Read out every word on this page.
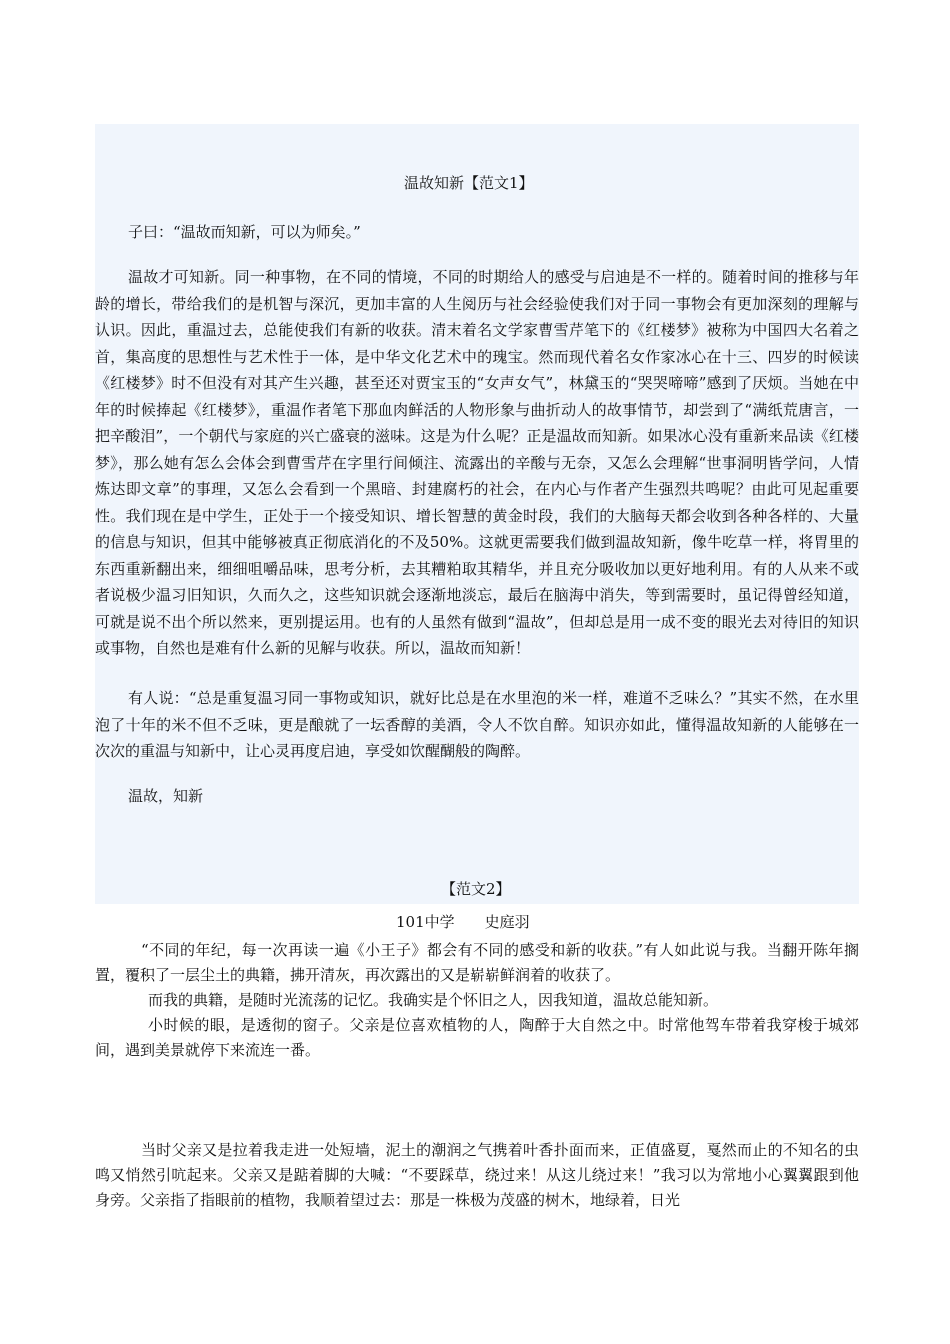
温故知新【范文1】
子曰：“温故而知新，可以为师矣。”

温故才可知新。同一种事物，在不同的情境，不同的时期给人的感受与启迪是不一样的。随着时间的推移与年龄的增长，带给我们的是机智与深沉，更加丰富的人生阅历与社会经验使我们对于同一事物会有更加深刻的理解与认识。因此，重温过去，总能使我们有新的收获。清末着名文学家曹雪芹笔下的《红楼梦》被称为中国四大名着之首，集高度的思想性与艺术性于一体，是中华文化艺术中的瑰宝。然而现代着名女作家冰心在十三、四岁的时候读《红楼梦》时不但没有对其产生兴趣，甚至还对贾宝玉的“女声女气”，林黛玉的“哭哭啼啼”感到了厌烦。当她在中年的时候捧起《红楼梦》，重温作者笔下那血肉鲜活的人物形象与曲折动人的故事情节，却尝到了“满纸荒唐言，一把辛酸泪”，一个朝代与家庭的兴亡盛衰的滋味。这是为什么呢？正是温故而知新。如果冰心没有重新来品读《红楼梦》，那么她有怎么会体会到曹雪芹在字里行间倾注、流露出的辛酸与无奈，又怎么会理解“世事洞明皆学问，人情炼达即文章”的事理，又怎么会看到一个黑暗、封建腐朽的社会，在内心与作者产生强烈共鸣呢？由此可见起重要性。我们现在是中学生，正处于一个接受知识、增长智慧的黄金时段，我们的大脑每天都会收到各种各样的、大量的信息与知识，但其中能够被真正彻底消化的不及50%。这就更需要我们做到温故知新，像牛吃草一样，将胃里的东西重新翻出来，细细咀嚼品味，思考分析，去其糟粕取其精华，并且充分吸收加以更好地利用。有的人从来不或者说极少温习旧知识，久而久之，这些知识就会逐渐地淡忘，最后在脑海中消失，等到需要时，虽记得曾经知道，可就是说不出个所以然来，更别提运用。也有的人虽然有做到“温故”，但却总是用一成不变的眼光去对待旧的知识或事物，自然也是难有什么新的见解与收获。所以，温故而知新！

有人说：“总是重复温习同一事物或知识，就好比总是在水里泡的米一样，难道不乏味么？”其实不然，在水里泡了十年的米不但不乏味，更是酿就了一坛香醇的美酒，令人不饮自醉。知识亦如此，懂得温故知新的人能够在一次次的重温与知新中，让心灵再度启迪，享受如饮醒醐般的陶醉。

温故，知新
【范文2】
101中学　　史庭羽

“不同的年纪，每一次再读一遍《小王子》都会有不同的感受和新的收获。”有人如此说与我。当翻开陈年搁置，覆积了一层尘土的典籍，拂开清灰，再次露出的又是崭崭鲜润着的收获了。

而我的典籍，是随时光流荡的记忆。我确实是个怀旧之人，因我知道，温故总能知新。

小时候的眼，是透彻的窗子。父亲是位喜欢植物的人，陶醉于大自然之中。时常他驾车带着我穿梭于城郊间，遇到美景就停下来流连一番。

当时父亲又是拉着我走进一处短墙，泥土的潮润之气携着叶香扑面而来，正值盛夏，戛然而止的不知名的虫鸣又悄然引吭起来。父亲又是踮着脚的大喊：“不要踩草，绕过来！从这儿绕过来！”我习以为常地小心翼翼跟到他身旁。父亲指了指眼前的植物，我顺着望过去：那是一株极为茂盛的树木，地绿着，日光
